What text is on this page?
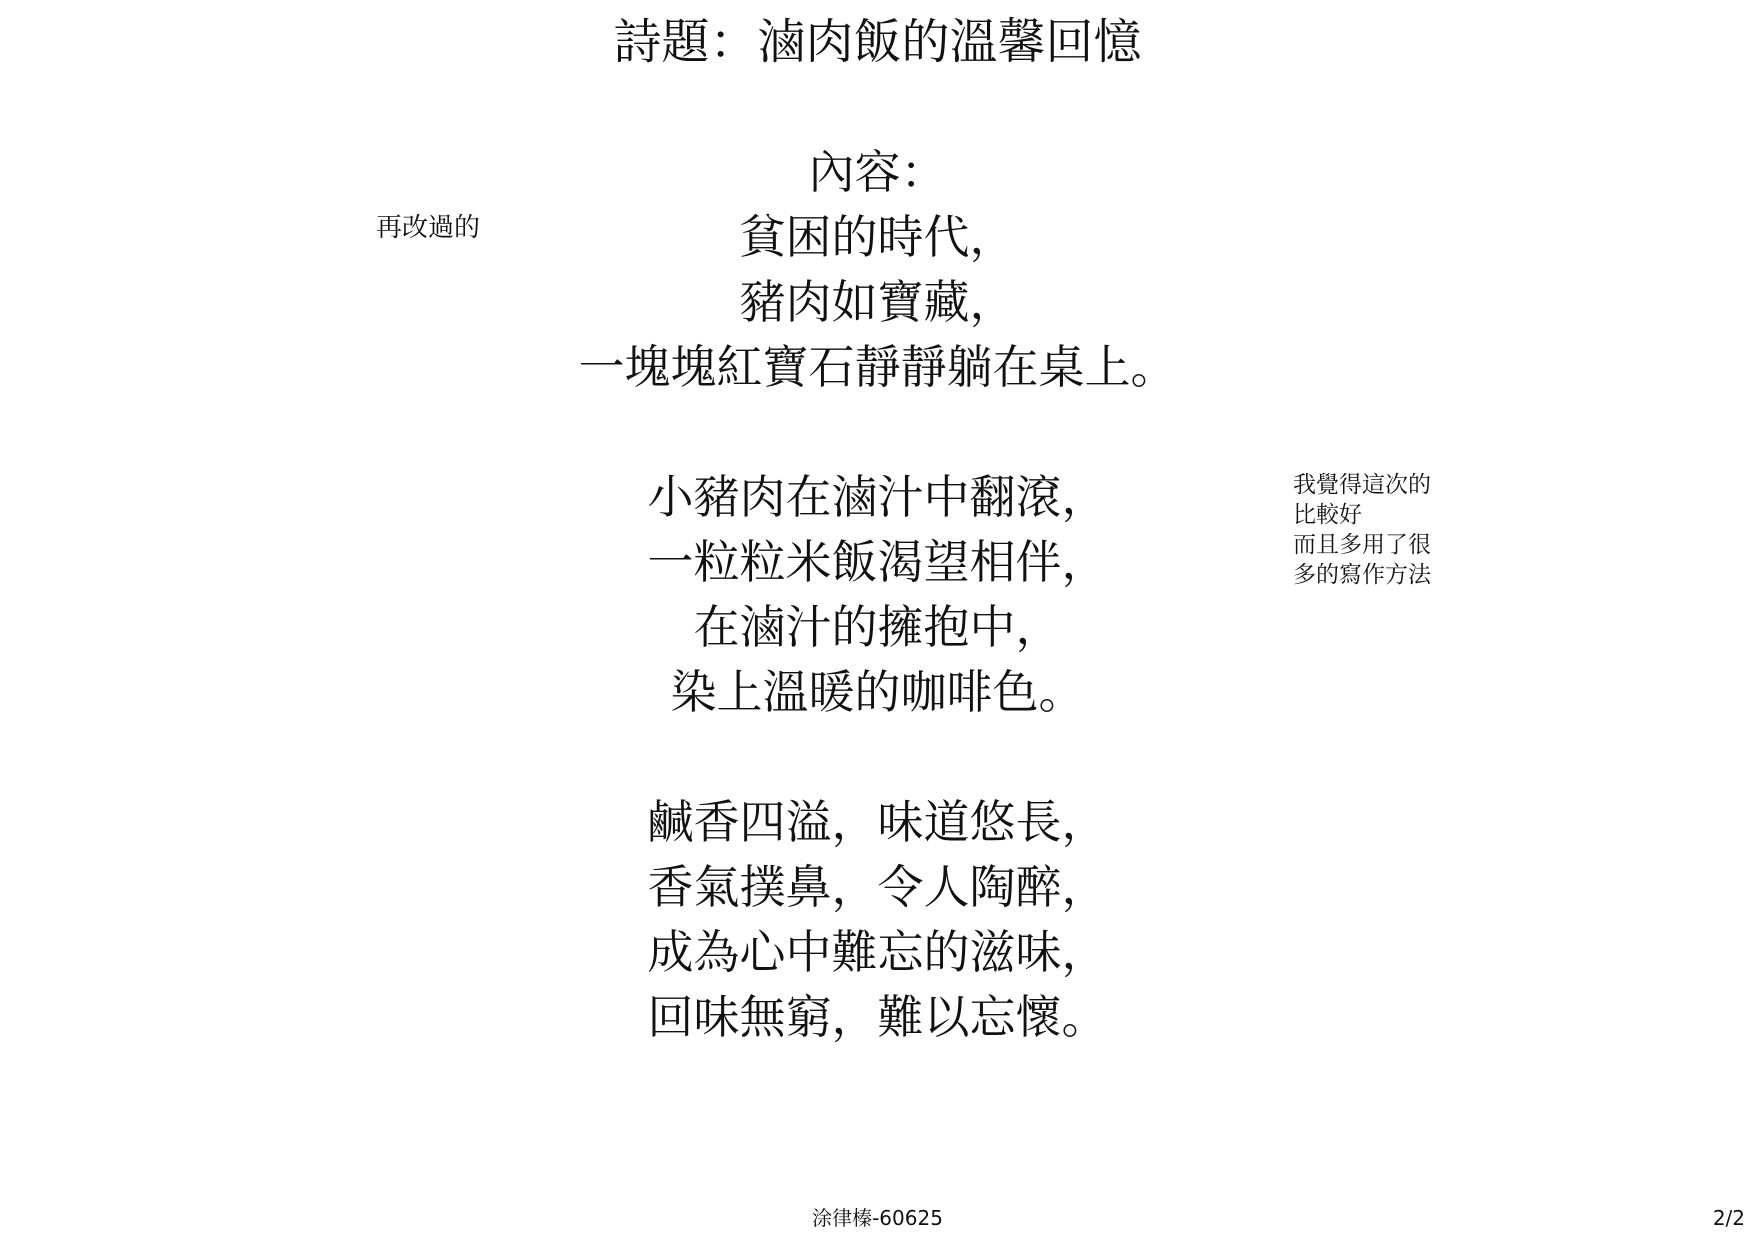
詩題：滷肉飯的溫馨回憶
內容：
貧困的時代，
豬肉如寶藏，
一塊塊紅寶石靜靜躺在桌上。
小豬肉在滷汁中翻滾，
一粒粒米飯渴望相伴，
在滷汁的擁抱中，
染上溫暖的咖啡色。
鹹香四溢，味道悠長，
香氣撲鼻，令人陶醉，
成為心中難忘的滋味，
回味無窮，難以忘懷。
再改過的
我覺得這次的
比較好
而且多用了很
多的寫作方法
涂律榛-60625	2/2
